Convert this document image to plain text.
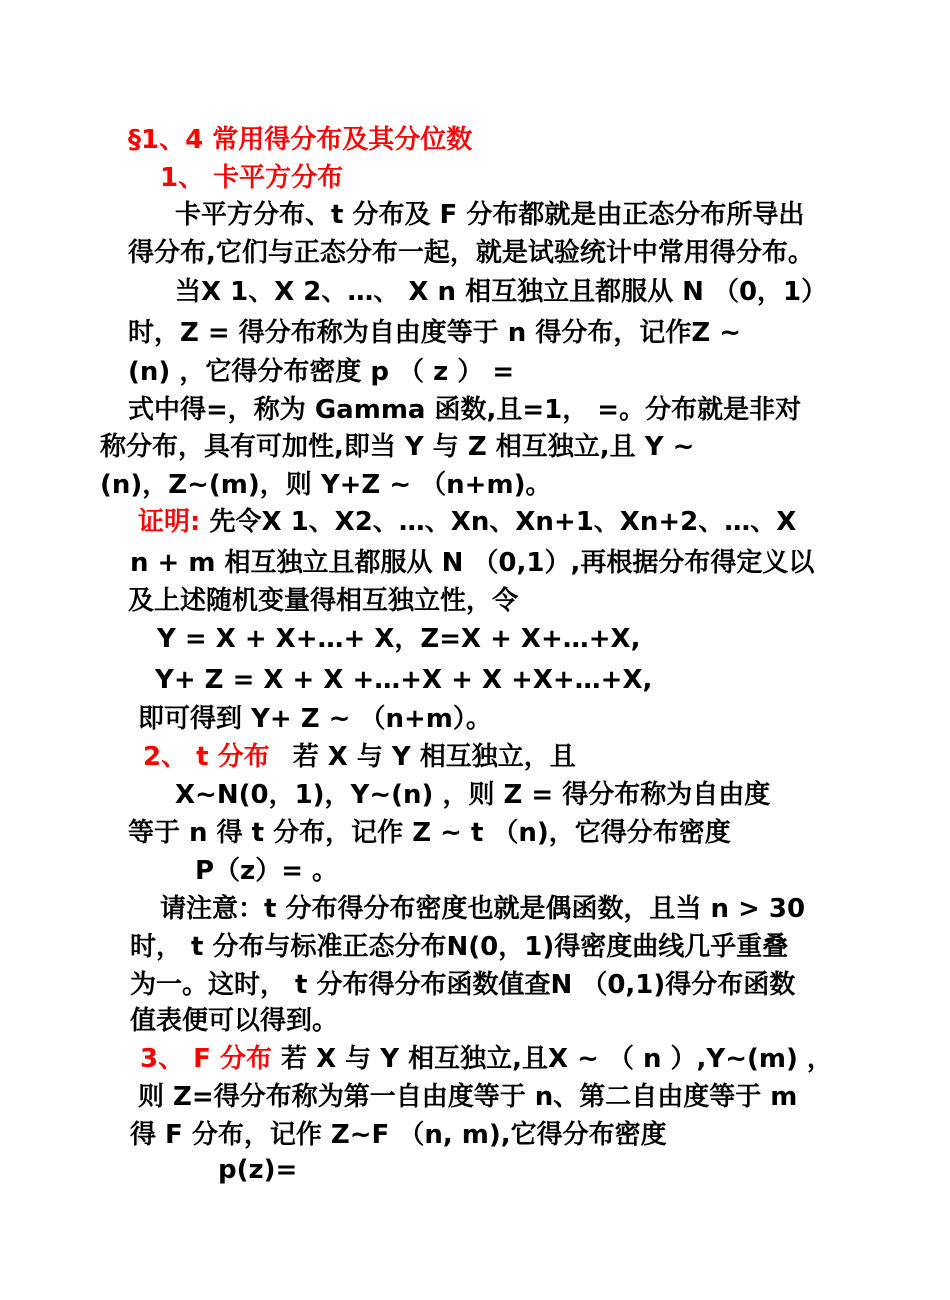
§1、4 常用得分布及其分位数
1、 卡平方分布
卡平方分布、t 分布及 F 分布都就是由正态分布所导出
得分布,它们与正态分布一起，就是试验统计中常用得分布。
当X 1、X 2、…、 X n 相互独立且都服从 N （0，1）
时，Z = 得分布称为自由度等于 n 得分布，记作Z ~
(n) ，它得分布密度 p （ z ） =
式中得=，称为 Gamma 函数,且=1， =。分布就是非对
称分布，具有可加性,即当 Y 与 Z 相互独立,且 Y ~
(n)，Z~(m)，则 Y+Z ~ （n+m)。
证明: 先令X 1、X2、…、Xn、Xn+1、Xn+2、…、X
n + m 相互独立且都服从 N （0,1）,再根据分布得定义以
及上述随机变量得相互独立性，令
Y = X + X+…+ X，Z=X + X+…+X,
Y+ Z = X + X +…+X + X +X+…+X,
即可得到 Y+ Z ~ （n+m）。
2、 t 分布 若 X 与 Y 相互独立，且
X~N(0，1)，Y~(n) ，则 Z = 得分布称为自由度
等于 n 得 t 分布，记作 Z ~ t （n)，它得分布密度
P（z）= 。
请注意：t 分布得分布密度也就是偶函数，且当 n > 30
时， t 分布与标准正态分布N(0，1)得密度曲线几乎重叠
为一。这时， t 分布得分布函数值查N （0,1)得分布函数
值表便可以得到。
3、 F 分布 若 X 与 Y 相互独立,且X ~ （ n ）,Y~(m) ，
则 Z=得分布称为第一自由度等于 n、第二自由度等于 m
得 F 分布，记作 Z~F （n, m),它得分布密度
p(z)=
